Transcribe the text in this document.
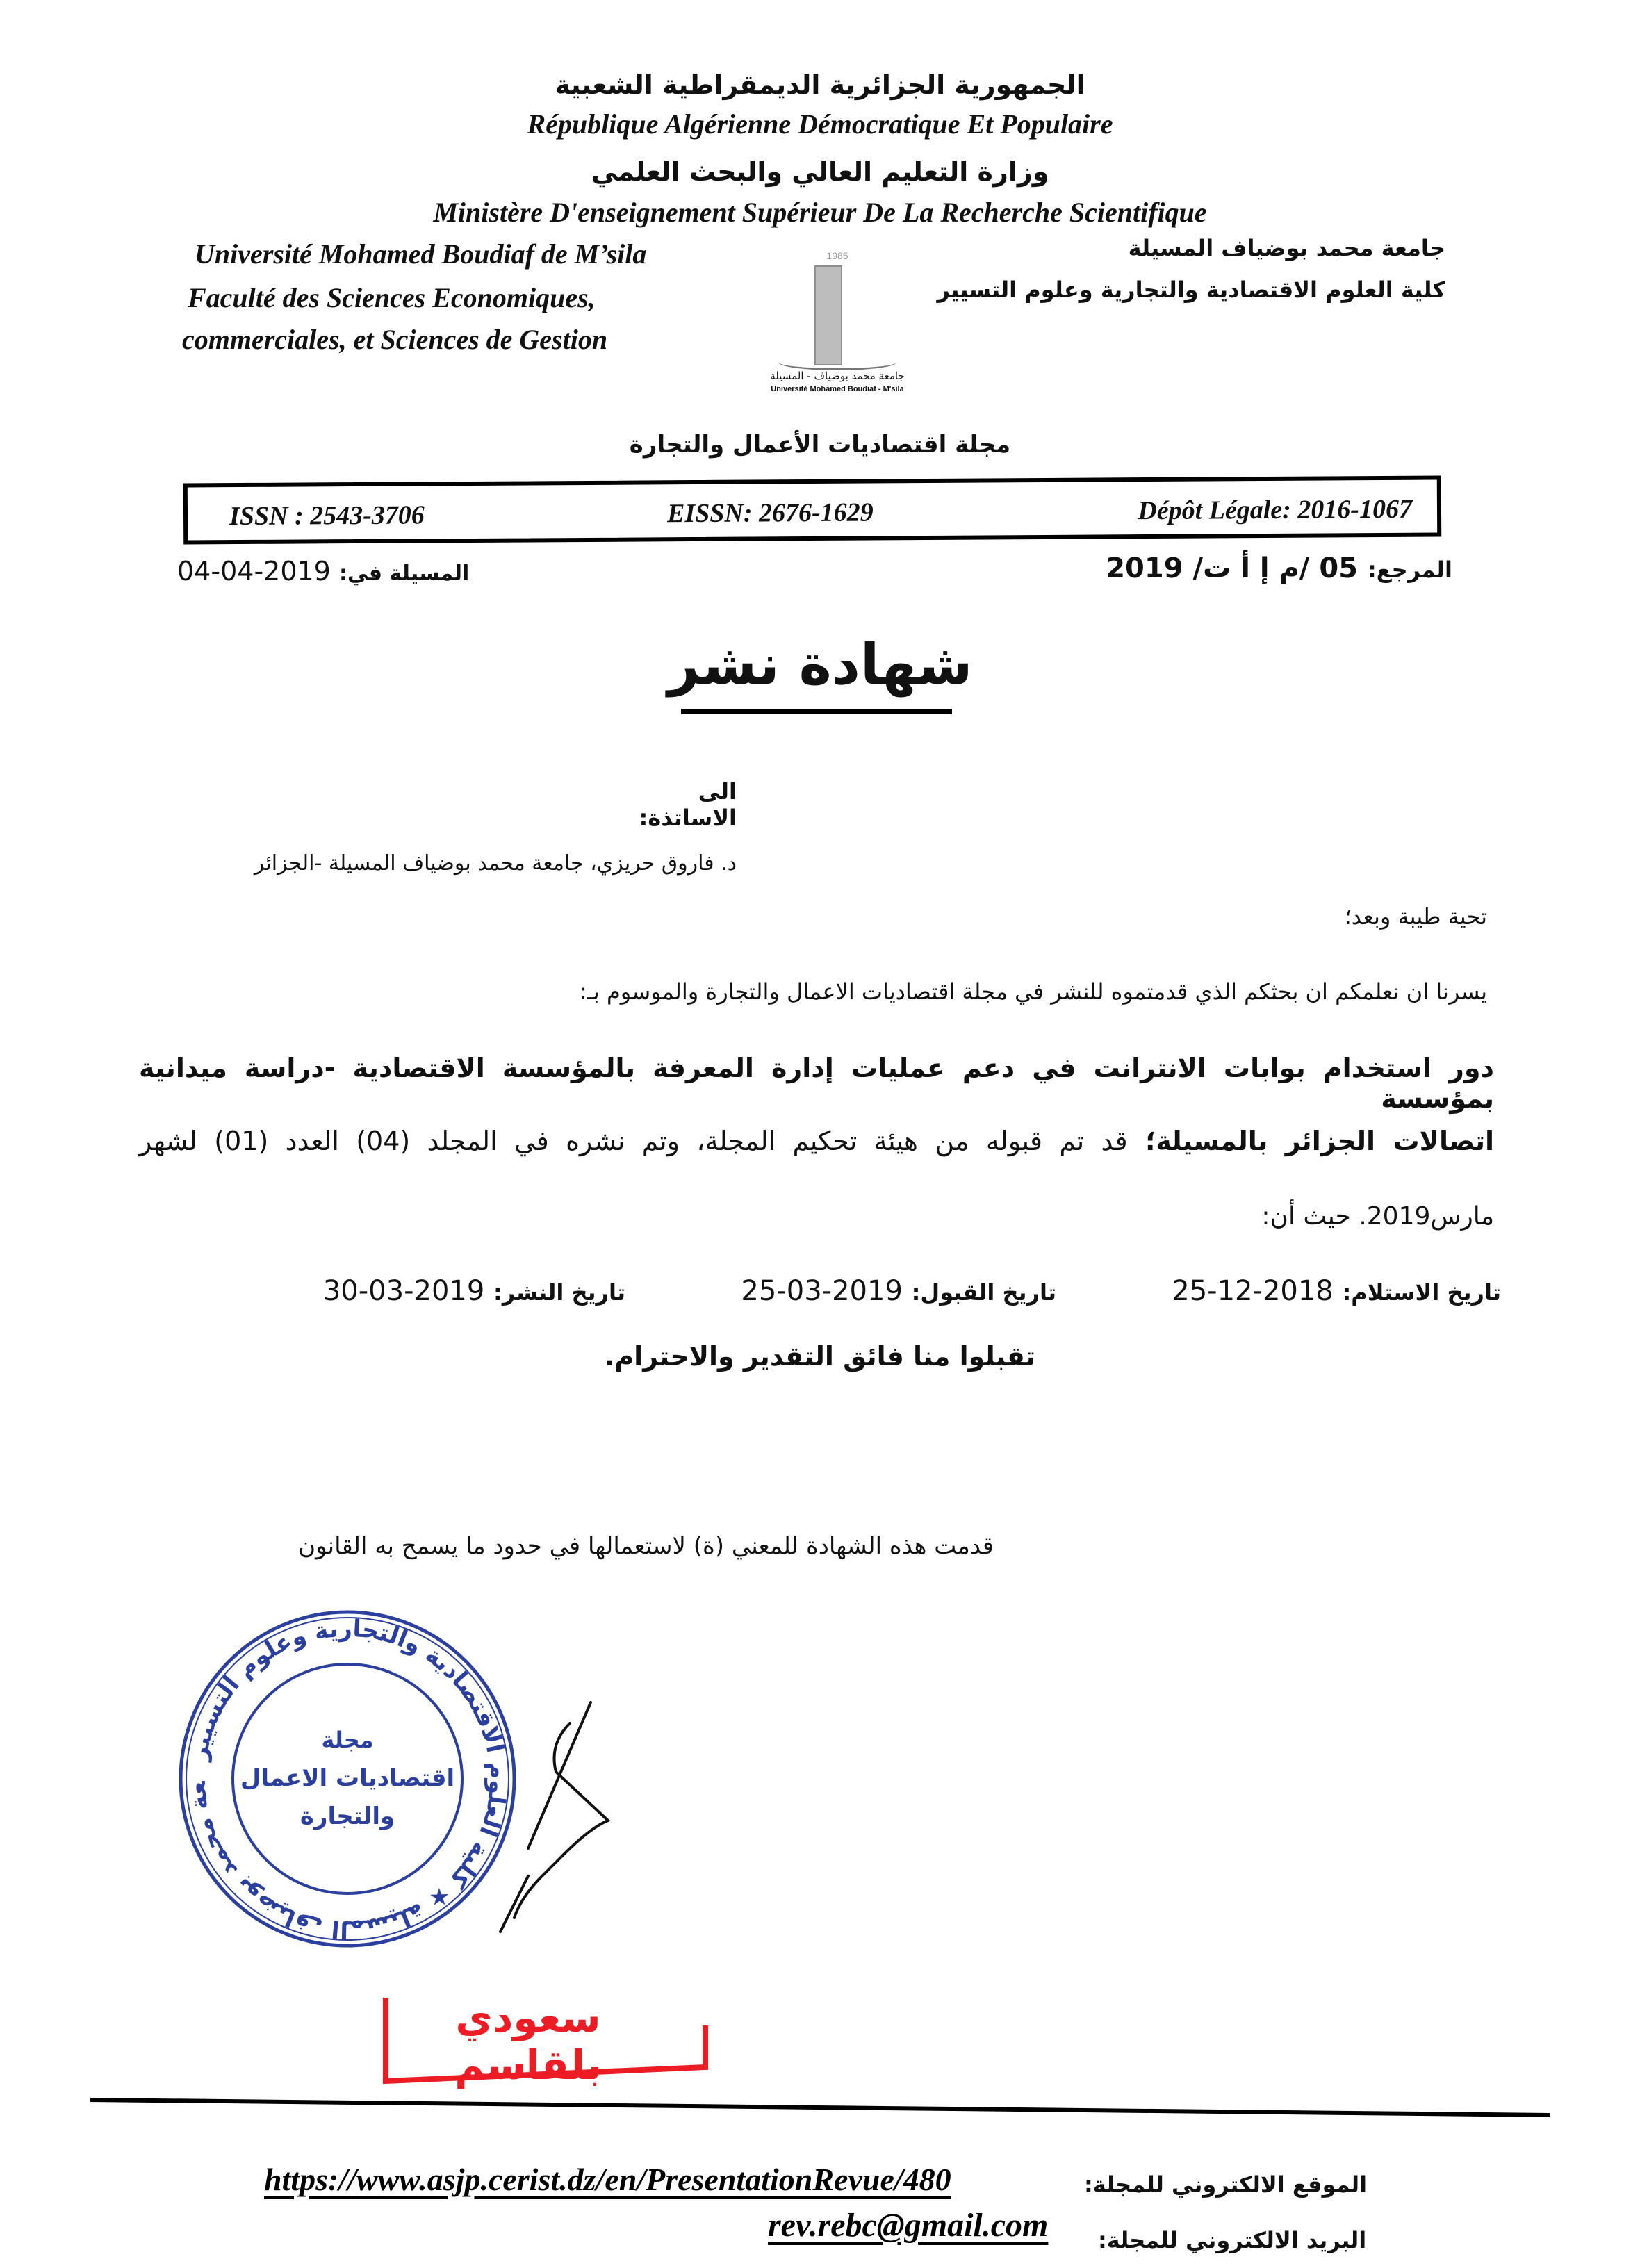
الجمهورية الجزائرية الديمقراطية الشعبية
République Algérienne Démocratique Et Populaire
وزارة التعليم العالي والبحث العلمي
Ministère D'enseignement Supérieur De La Recherche Scientifique
Université Mohamed Boudiaf de M’sila
Faculté des Sciences Economiques,
commerciales, et Sciences de Gestion
جامعة محمد بوضياف المسيلة
كلية العلوم الاقتصادية والتجارية وعلوم التسيير
1985
جامعة محمد بوضياف - المسيلة
Université Mohamed Boudiaf - M'sila
مجلة اقتصاديات الأعمال والتجارة
ISSN : 2543-3706	EISSN: 2676-1629	Dépôt Légale: 2016-1067
المرجع: 05 /م إ أ ت/ 2019
المسيلة في: 2019-04-04
شهادة نشر
الى الاساتذة:
د. فاروق حريزي، جامعة محمد بوضياف المسيلة -الجزائر
تحية طيبة وبعد؛
يسرنا ان نعلمكم ان بحثكم الذي قدمتموه للنشر في مجلة اقتصاديات الاعمال والتجارة والموسوم بـ:
دور استخدام بوابات الانترانت في دعم عمليات إدارة المعرفة بالمؤسسة الاقتصادية -دراسة ميدانية بمؤسسة
اتصالات الجزائر بالمسيلة؛ قد تم قبوله من هيئة تحكيم المجلة، وتم نشره في المجلد (04) العدد (01) لشهر
مارس2019. حيث أن:
تاريخ الاستلام: 2018-12-25
تاريخ القبول: 2019-03-25
تاريخ النشر: 2019-03-30
تقبلوا منا فائق التقدير والاحترام.
قدمت هذه الشهادة للمعني (ة) لاستعمالها في حدود ما يسمح به القانون
عة محمد بوضياف المسيلة ★ كلية العلوم الاقتصادية والتجارية وعلوم التسيير
مجلة
اقتصاديات الاعمال
والتجارة
سعودي بلقاسم
الموقع الالكتروني للمجلة:
https://www.asjp.cerist.dz/en/PresentationRevue/480
البريد الالكتروني للمجلة:
rev.rebc@gmail.com
